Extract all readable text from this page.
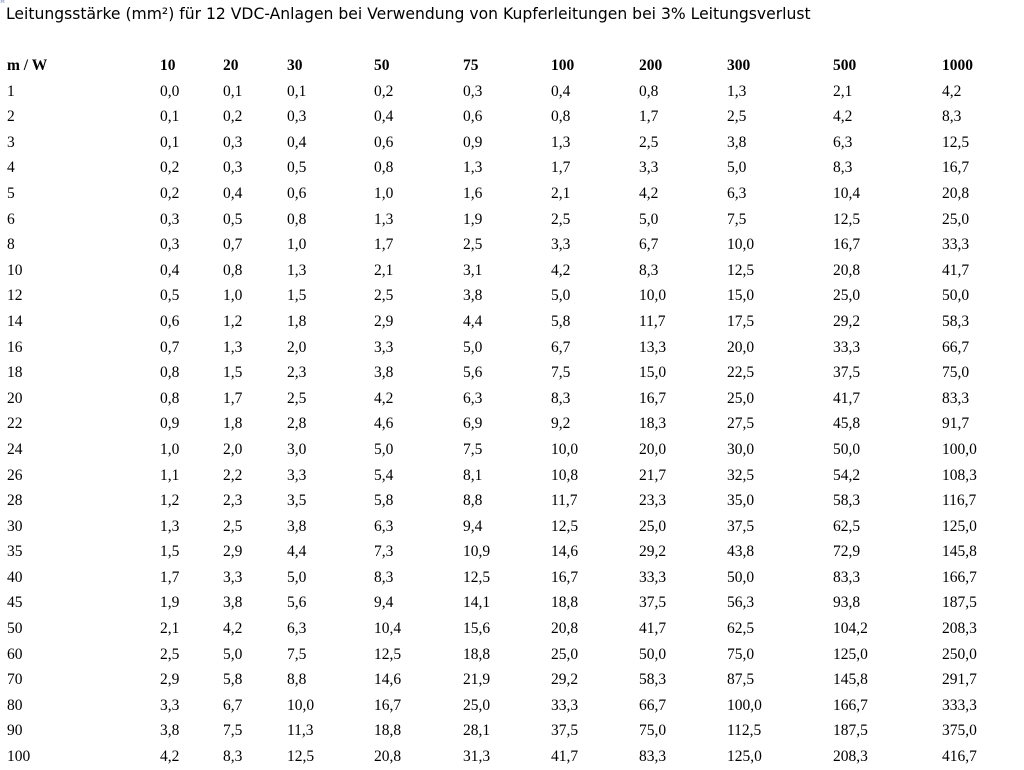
⌘
Leitungsstärke (mm²) für 12 VDC-Anlagen bei Verwendung von Kupferleitungen bei 3% Leitungsverlust
m / W	10	20	30	50	75	100	200	300	500	1000
1	0,0	0,1	0,1	0,2	0,3	0,4	0,8	1,3	2,1	4,2
2	0,1	0,2	0,3	0,4	0,6	0,8	1,7	2,5	4,2	8,3
3	0,1	0,3	0,4	0,6	0,9	1,3	2,5	3,8	6,3	12,5
4	0,2	0,3	0,5	0,8	1,3	1,7	3,3	5,0	8,3	16,7
5	0,2	0,4	0,6	1,0	1,6	2,1	4,2	6,3	10,4	20,8
6	0,3	0,5	0,8	1,3	1,9	2,5	5,0	7,5	12,5	25,0
8	0,3	0,7	1,0	1,7	2,5	3,3	6,7	10,0	16,7	33,3
10	0,4	0,8	1,3	2,1	3,1	4,2	8,3	12,5	20,8	41,7
12	0,5	1,0	1,5	2,5	3,8	5,0	10,0	15,0	25,0	50,0
14	0,6	1,2	1,8	2,9	4,4	5,8	11,7	17,5	29,2	58,3
16	0,7	1,3	2,0	3,3	5,0	6,7	13,3	20,0	33,3	66,7
18	0,8	1,5	2,3	3,8	5,6	7,5	15,0	22,5	37,5	75,0
20	0,8	1,7	2,5	4,2	6,3	8,3	16,7	25,0	41,7	83,3
22	0,9	1,8	2,8	4,6	6,9	9,2	18,3	27,5	45,8	91,7
24	1,0	2,0	3,0	5,0	7,5	10,0	20,0	30,0	50,0	100,0
26	1,1	2,2	3,3	5,4	8,1	10,8	21,7	32,5	54,2	108,3
28	1,2	2,3	3,5	5,8	8,8	11,7	23,3	35,0	58,3	116,7
30	1,3	2,5	3,8	6,3	9,4	12,5	25,0	37,5	62,5	125,0
35	1,5	2,9	4,4	7,3	10,9	14,6	29,2	43,8	72,9	145,8
40	1,7	3,3	5,0	8,3	12,5	16,7	33,3	50,0	83,3	166,7
45	1,9	3,8	5,6	9,4	14,1	18,8	37,5	56,3	93,8	187,5
50	2,1	4,2	6,3	10,4	15,6	20,8	41,7	62,5	104,2	208,3
60	2,5	5,0	7,5	12,5	18,8	25,0	50,0	75,0	125,0	250,0
70	2,9	5,8	8,8	14,6	21,9	29,2	58,3	87,5	145,8	291,7
80	3,3	6,7	10,0	16,7	25,0	33,3	66,7	100,0	166,7	333,3
90	3,8	7,5	11,3	18,8	28,1	37,5	75,0	112,5	187,5	375,0
100	4,2	8,3	12,5	20,8	31,3	41,7	83,3	125,0	208,3	416,7
